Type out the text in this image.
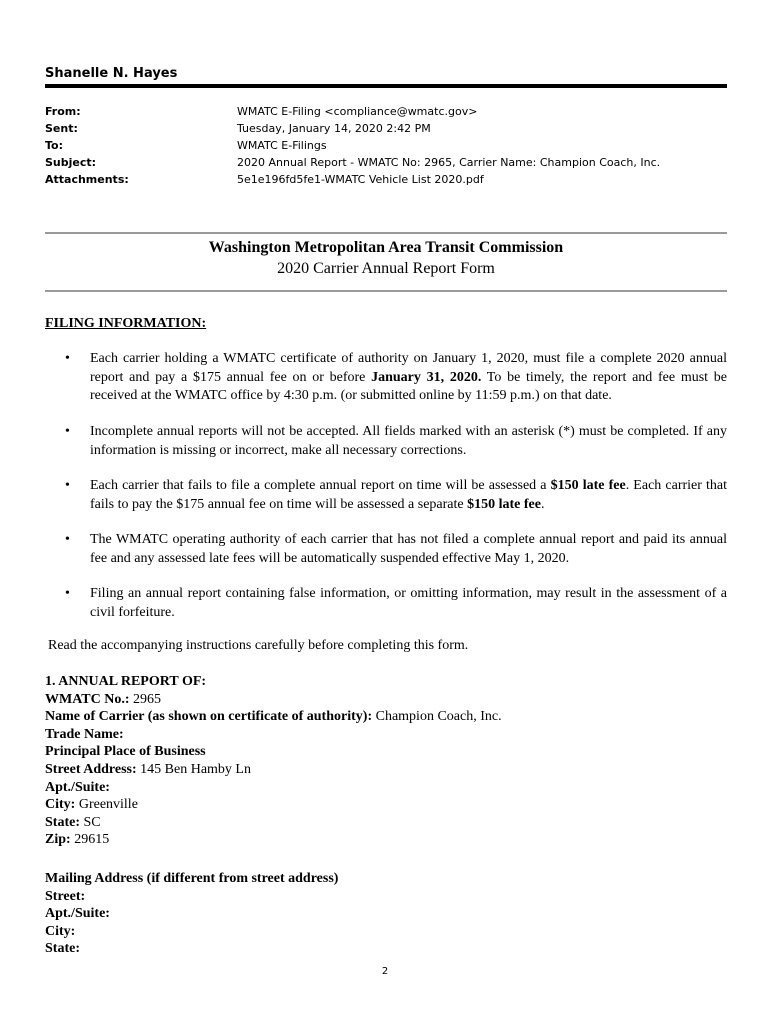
Shanelle N. Hayes
From:	WMATC E-Filing <compliance@wmatc.gov>
Sent:	Tuesday, January 14, 2020 2:42 PM
To:	WMATC E-Filings
Subject:	2020 Annual Report - WMATC No: 2965, Carrier Name: Champion Coach, Inc.
Attachments:	5e1e196fd5fe1-WMATC Vehicle List 2020.pdf
Washington Metropolitan Area Transit Commission
2020 Carrier Annual Report Form
FILING INFORMATION:
•	Each carrier holding a WMATC certificate of authority on January 1, 2020, must file a complete 2020 annual report and pay a $175 annual fee on or before January 31, 2020. To be timely, the report and fee must be received at the WMATC office by 4:30 p.m. (or submitted online by 11:59 p.m.) on that date.
•	Incomplete annual reports will not be accepted. All fields marked with an asterisk (*) must be completed. If any information is missing or incorrect, make all necessary corrections.
•	Each carrier that fails to file a complete annual report on time will be assessed a $150 late fee. Each carrier that fails to pay the $175 annual fee on time will be assessed a separate $150 late fee.
•	The WMATC operating authority of each carrier that has not filed a complete annual report and paid its annual fee and any assessed late fees will be automatically suspended effective May 1, 2020.
•	Filing an annual report containing false information, or omitting information, may result in the assessment of a civil forfeiture.
Read the accompanying instructions carefully before completing this form.
1. ANNUAL REPORT OF:
WMATC No.: 2965
Name of Carrier (as shown on certificate of authority): Champion Coach, Inc.
Trade Name:
Principal Place of Business
Street Address: 145 Ben Hamby Ln
Apt./Suite:
City: Greenville
State: SC
Zip: 29615
Mailing Address (if different from street address)
Street:
Apt./Suite:
City:
State:
2
